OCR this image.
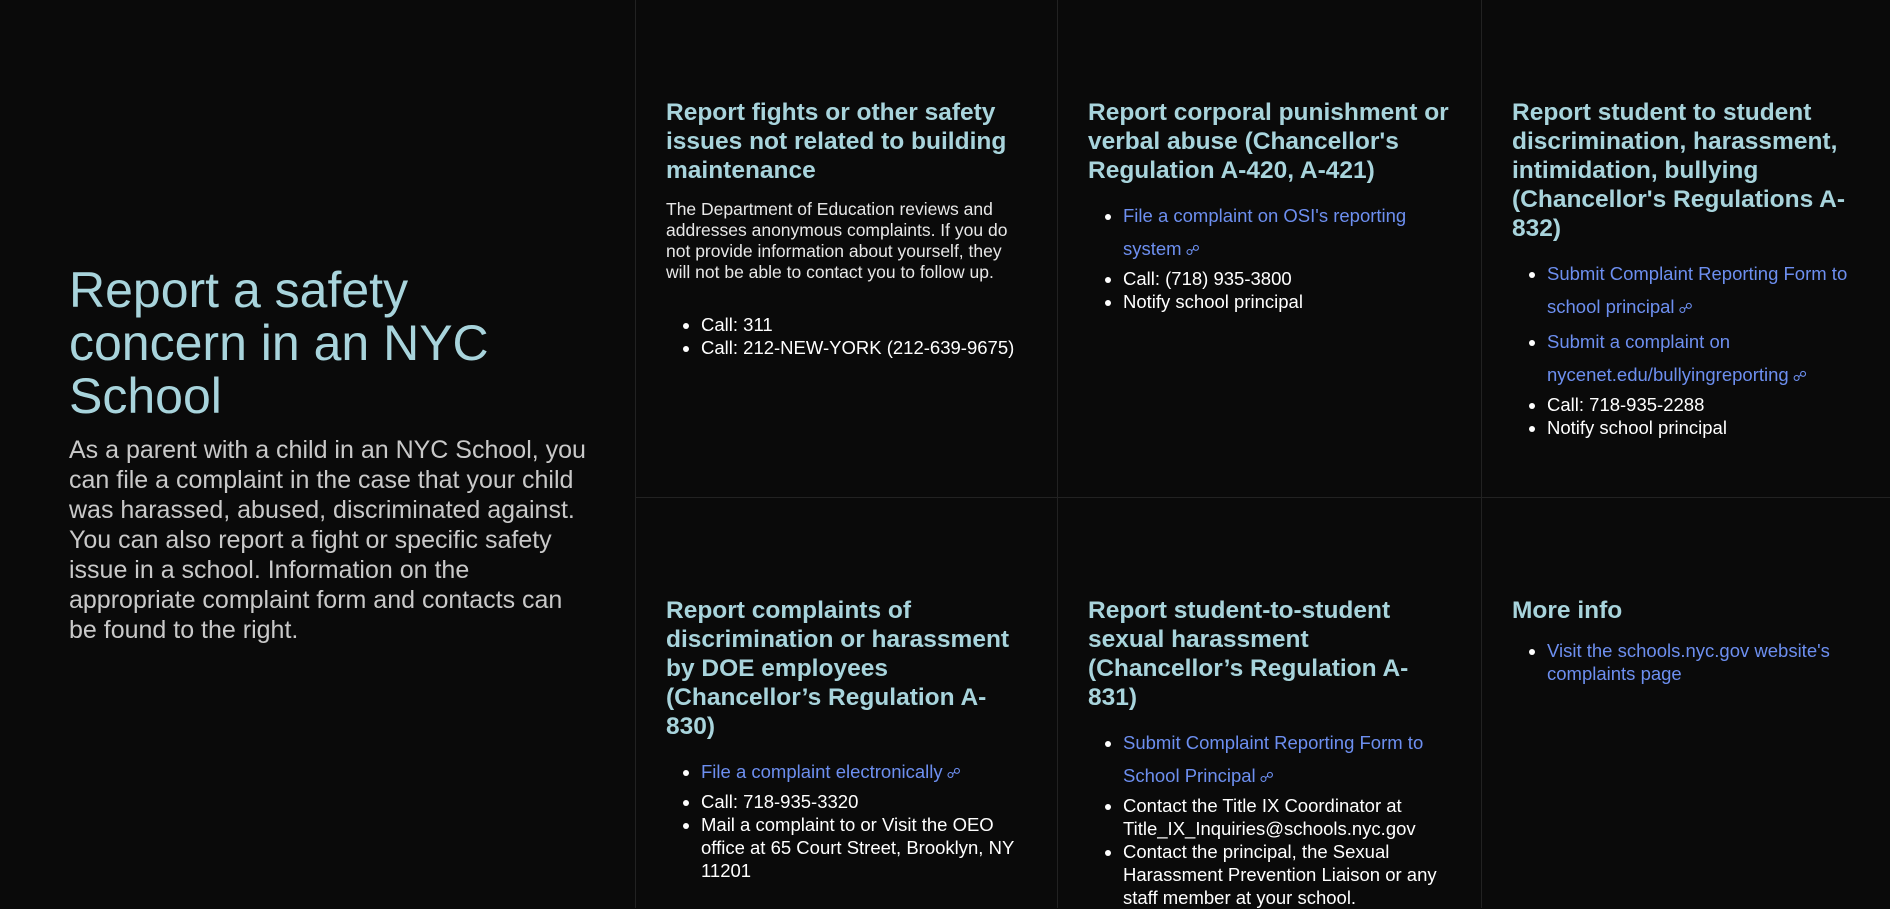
Report a safety concern in an NYC School

As a parent with a child in an NYC School, you can file a complaint in the case that your child was harassed, abused, discriminated against. You can also report a fight or specific safety issue in a school. Information on the appropriate complaint form and contacts can be found to the right.

Report fights or other safety issues not related to building maintenance

The Department of Education reviews and addresses anonymous complaints. If you do not provide information about yourself, they will not be able to contact you to follow up.

• Call: 311
• Call: 212-NEW-YORK (212-639-9675)
Report corporal punishment or verbal abuse (Chancellor's Regulation A-420, A-421)
• File a complaint on OSI's reporting system ☍
• Call: (718) 935-3800
• Notify school principal
Report student to student discrimination, harassment, intimidation, bullying (Chancellor's Regulations A-832)
• Submit Complaint Reporting Form to school principal ☍
• Submit a complaint on nycenet.edu/bullyingreporting ☍
• Call: 718-935-2288
• Notify school principal
Report complaints of discrimination or harassment by DOE employees (Chancellor’s Regulation A-830)
• File a complaint electronically ☍
• Call: 718-935-3320
• Mail a complaint to or Visit the OEO office at 65 Court Street, Brooklyn, NY 11201
Report student-to-student sexual harassment (Chancellor’s Regulation A-831)
• Submit Complaint Reporting Form to School Principal ☍
• Contact the Title IX Coordinator at Title_IX_Inquiries@schools.nyc.gov
• Contact the principal, the Sexual Harassment Prevention Liaison or any staff member at your school.
More info
• Visit the schools.nyc.gov website's complaints page
